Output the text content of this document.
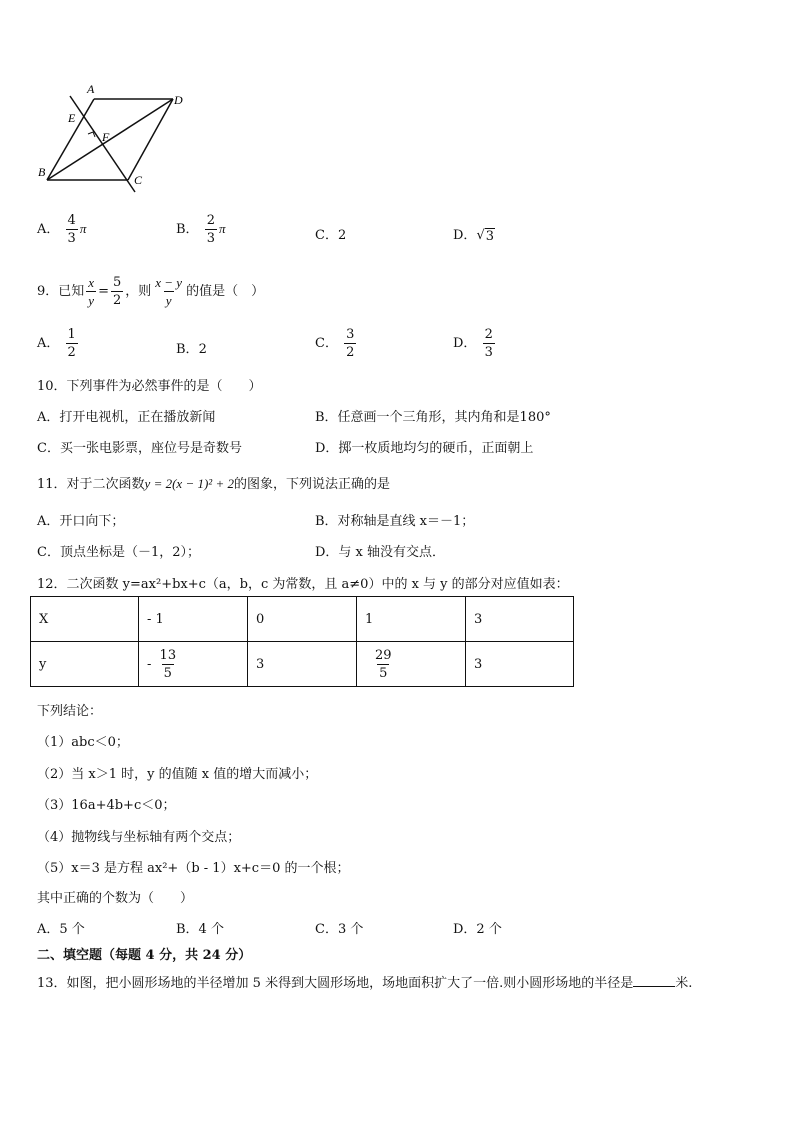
A
D
E
F
B
C
A． $\frac{4}{3}$ π	B． $\frac{2}{3}$ π	C．2	D．√ 3
9．已知 $\frac{x}{y} = \frac{5}{2}$ ，则 $\frac{x - y}{y}$ 的值是（　）
A． $\frac{1}{2}$	B．2	C． $\frac{3}{2}$	D． $\frac{2}{3}$
10．下列事件为必然事件的是（　　）
A．打开电视机，正在播放新闻	B．任意画一个三角形，其内角和是180°
C．买一张电影票，座位号是奇数号	D．掷一枚质地均匀的硬币，正面朝上
11．对于二次函数y = 2(x − 1)² + 2的图象，下列说法正确的是
A．开口向下；	B．对称轴是直线 x＝－1；
C．顶点坐标是（－1，2）；	D．与 x 轴没有交点．
12．二次函数 y=ax²+bx+c（a，b，c 为常数，且 a≠0）中的 x 与 y 的部分对应值如表：
X	- 1	0	1	3
y	- $\frac{13}{5}$	3	$\frac{29}{5}$	3
下列结论：
（1）abc＜0；
（2）当 x＞1 时，y 的值随 x 值的增大而减小；
（3）16a+4b+c＜0；
（4）抛物线与坐标轴有两个交点；
（5）x＝3 是方程 ax²+（b - 1）x+c＝0 的一个根；
其中正确的个数为（　　）
A．5 个	B．4 个	C．3 个	D．2 个
二、填空题（每题 4 分，共 24 分）
13．如图，把小圆形场地的半径增加 5 米得到大圆形场地，场地面积扩大了一倍.则小圆形场地的半径是	米.
